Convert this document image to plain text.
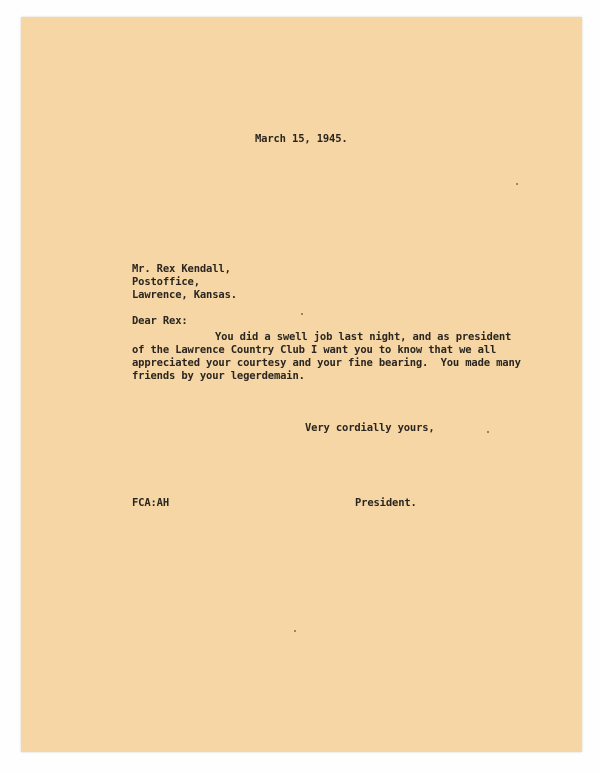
March 15, 1945.
Mr. Rex Kendall,
Postoffice,
Lawrence, Kansas.
Dear Rex:
You did a swell job last night, and as president
of the Lawrence Country Club I want you to know that we all
appreciated your courtesy and your fine bearing.  You made many
friends by your legerdemain.
Very cordially yours,
FCA:AH	President.
